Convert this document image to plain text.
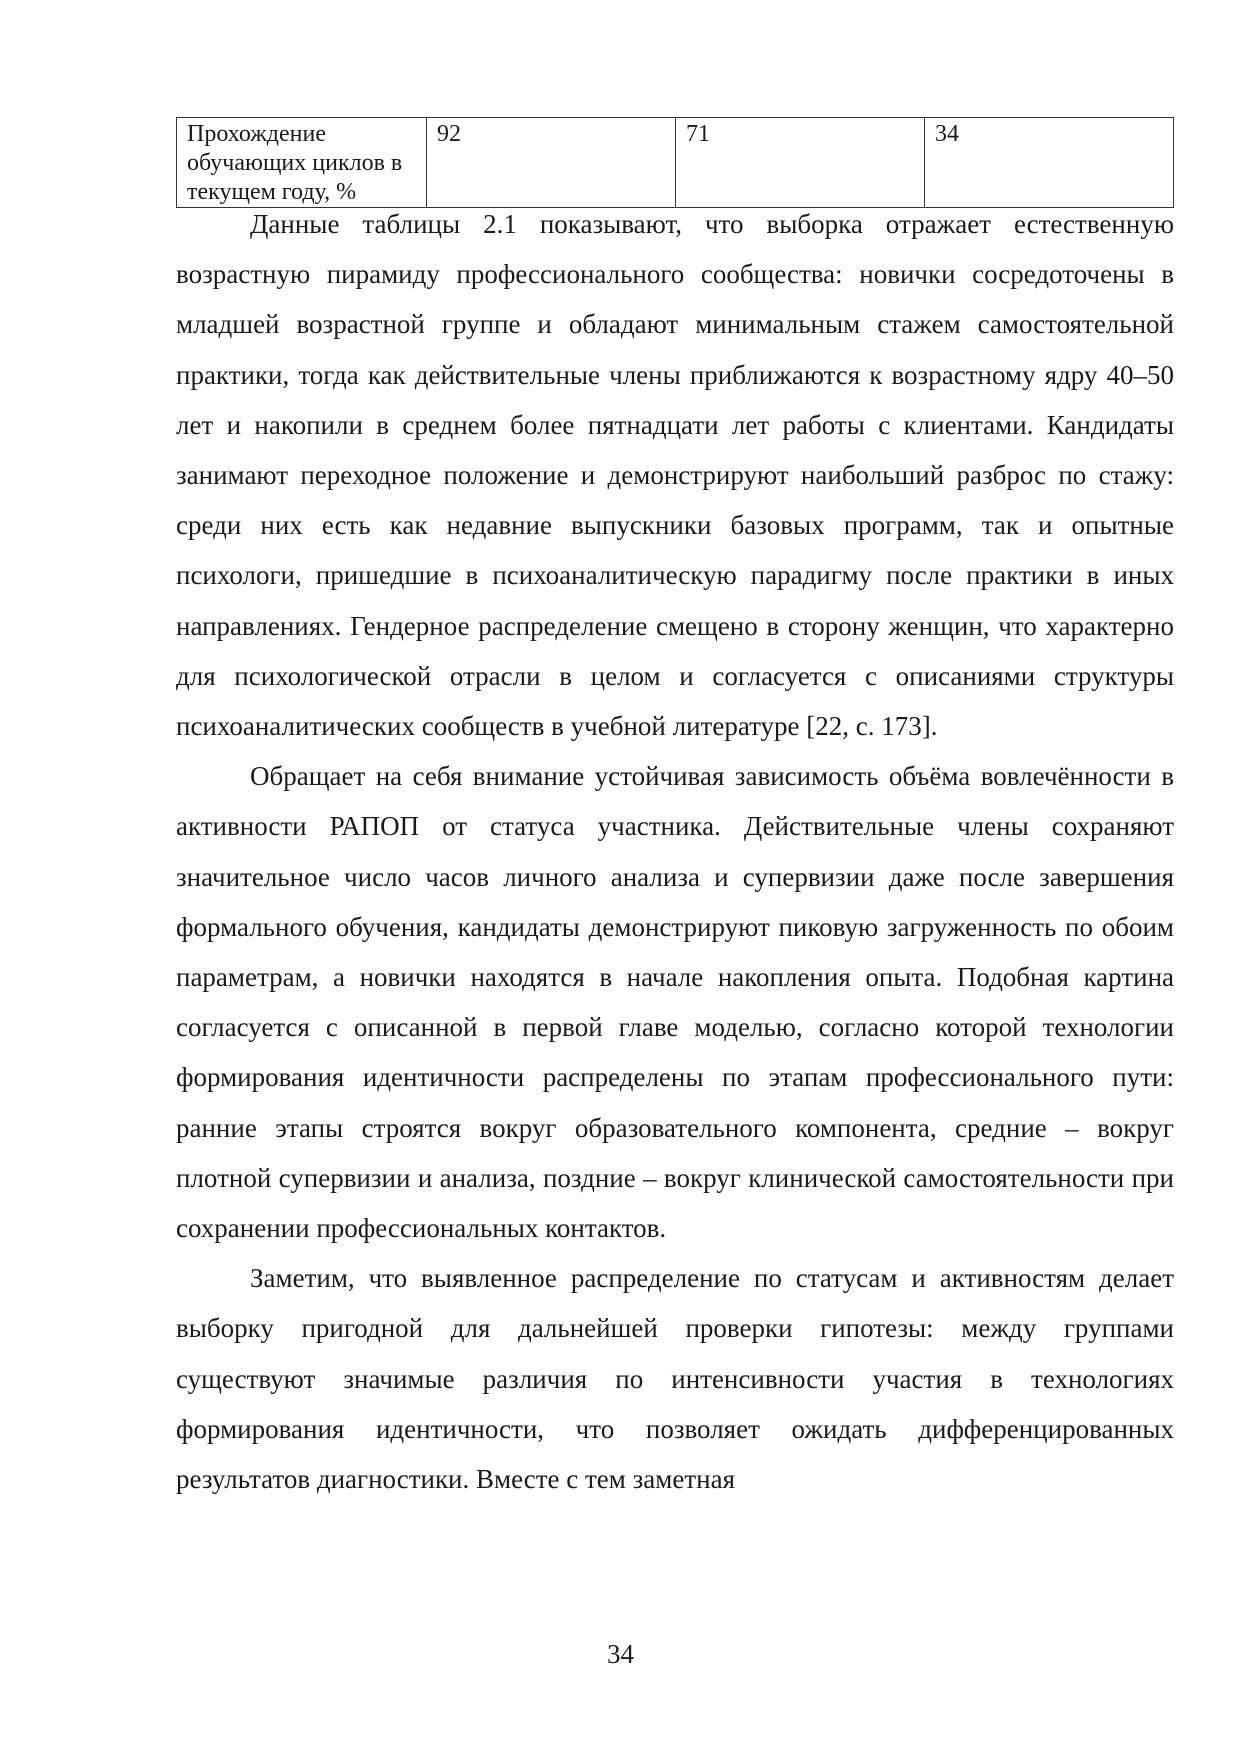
Прохождение обучающих циклов в текущем году, %	92	71	34

Данные таблицы 2.1 показывают, что выборка отражает естественную возрастную пирамиду профессионального сообщества: новички сосредоточены в младшей возрастной группе и обладают минимальным стажем самостоятельной практики, тогда как действительные члены приближаются к возрастному ядру 40–50 лет и накопили в среднем более пятнадцати лет работы с клиентами. Кандидаты занимают переходное положение и демонстрируют наибольший разброс по стажу: среди них есть как недавние выпускники базовых программ, так и опытные психологи, пришедшие в психоаналитическую парадигму после практики в иных направлениях. Гендерное распределение смещено в сторону женщин, что характерно для психологической отрасли в целом и согласуется с описаниями структуры психоаналитических сообществ в учебной литературе [22, с. 173].

Обращает на себя внимание устойчивая зависимость объёма вовлечённости в активности РАПОП от статуса участника. Действительные члены сохраняют значительное число часов личного анализа и супервизии даже после завершения формального обучения, кандидаты демонстрируют пиковую загруженность по обоим параметрам, а новички находятся в начале накопления опыта. Подобная картина согласуется с описанной в первой главе моделью, согласно которой технологии формирования идентичности распределены по этапам профессионального пути: ранние этапы строятся вокруг образовательного компонента, средние – вокруг плотной супервизии и анализа, поздние – вокруг клинической самостоятельности при сохранении профессиональных контактов.

Заметим, что выявленное распределение по статусам и активностям делает выборку пригодной для дальнейшей проверки гипотезы: между группами существуют значимые различия по интенсивности участия в технологиях формирования идентичности, что позволяет ожидать дифференцированных результатов диагностики. Вместе с тем заметная

34
